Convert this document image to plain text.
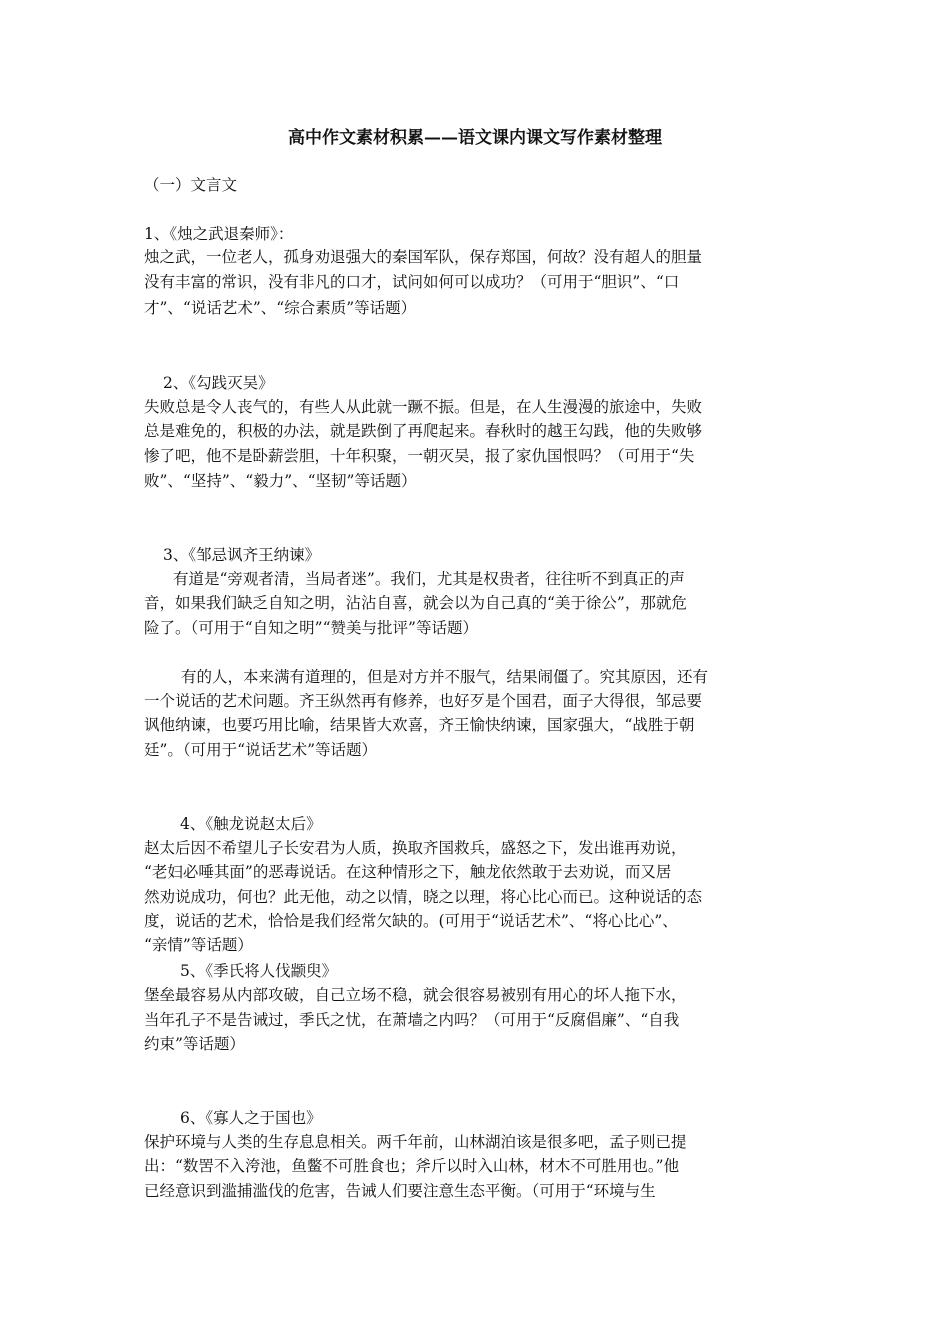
高中作文素材积累——语文课内课文写作素材整理
（一）文言文
1、《烛之武退秦师》：
烛之武，一位老人，孤身劝退强大的秦国军队，保存郑国，何故？没有超人的胆量
没有丰富的常识，没有非凡的口才，试问如何可以成功？（可用于“胆识”、“口
才”、“说话艺术”、“综合素质”等话题）
2、《勾践灭吴》
失败总是令人丧气的，有些人从此就一蹶不振。但是，在人生漫漫的旅途中，失败
总是难免的，积极的办法，就是跌倒了再爬起来。春秋时的越王勾践，他的失败够
惨了吧，他不是卧薪尝胆，十年积聚，一朝灭吴，报了家仇国恨吗？（可用于“失
败”、“坚持”、“毅力”、“坚韧”等话题）
3、《邹忌讽齐王纳谏》
有道是“旁观者清，当局者迷”。我们，尤其是权贵者，往往听不到真正的声
音，如果我们缺乏自知之明，沾沾自喜，就会以为自己真的“美于徐公”，那就危
险了。（可用于“自知之明”“赞美与批评”等话题）
有的人，本来满有道理的，但是对方并不服气，结果闹僵了。究其原因，还有
一个说话的艺术问题。齐王纵然再有修养，也好歹是个国君，面子大得很，邹忌要
讽他纳谏，也要巧用比喻，结果皆大欢喜，齐王愉快纳谏，国家强大，“战胜于朝
廷”。（可用于“说话艺术”等话题）
4、《触龙说赵太后》
赵太后因不希望儿子长安君为人质，换取齐国救兵，盛怒之下，发出谁再劝说，
“老妇必唾其面”的恶毒说话。在这种情形之下，触龙依然敢于去劝说，而又居
然劝说成功，何也？此无他，动之以情，晓之以理，将心比心而已。这种说话的态
度，说话的艺术，恰恰是我们经常欠缺的。(可用于“说话艺术”、“将心比心”、
“亲情”等话题）
5、《季氏将人伐颛臾》
堡垒最容易从内部攻破，自己立场不稳，就会很容易被别有用心的坏人拖下水，
当年孔子不是告诫过，季氏之忧，在萧墙之内吗？（可用于“反腐倡廉”、“自我
约束”等话题）
6、《寡人之于国也》
保护环境与人类的生存息息相关。两千年前，山林湖泊该是很多吧，孟子则已提
出：“数罟不入洿池，鱼鳖不可胜食也；斧斤以时入山林，材木不可胜用也。”他
已经意识到滥捕滥伐的危害，告诫人们要注意生态平衡。（可用于“环境与生
